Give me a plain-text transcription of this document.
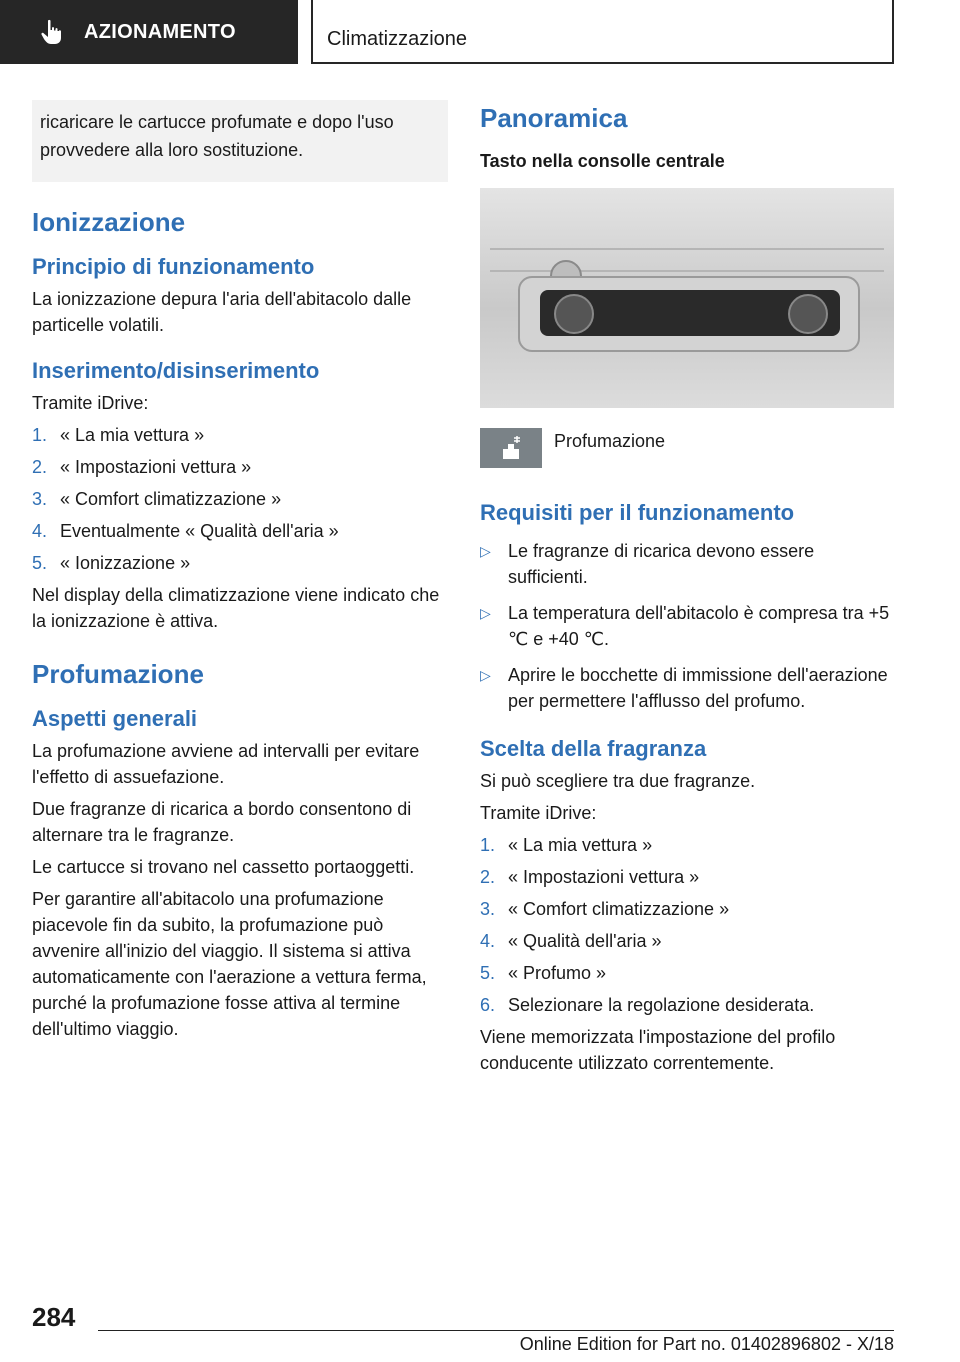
AZIONAMENTO	Climatizzazione
ricaricare le cartucce profumate e dopo l'uso provvedere alla loro sostituzione.
Ionizzazione
Principio di funzionamento

La ionizzazione depura l'aria dell'abitacolo dalle particelle volatili.

Inserimento/disinserimento

Tramite iDrive:

1. « La mia vettura »
2. « Impostazioni vettura »
3. « Comfort climatizzazione »
4. Eventualmente « Qualità dell'aria »
5. « Ionizzazione »

Nel display della climatizzazione viene indicato che la ionizzazione è attiva.

Profumazione
Aspetti generali

La profumazione avviene ad intervalli per evitare l'effetto di assuefazione.

Due fragranze di ricarica a bordo consentono di alternare tra le fragranze.

Le cartucce si trovano nel cassetto portaoggetti.

Per garantire all'abitacolo una profumazione piacevole fin da subito, la profumazione può avvenire all'inizio del viaggio. Il sistema si attiva automaticamente con l'aerazione a vettura ferma, purché la profumazione fosse attiva al termine dell'ultimo viaggio.

Panoramica
Tasto nella consolle centrale

Profumazione

Requisiti per il funzionamento
▷ Le fragranze di ricarica devono essere sufficienti.
▷ La temperatura dell'abitacolo è compresa tra +5 ℃ e +40 ℃.
▷ Aprire le bocchette di immissione dell'aerazione per permettere l'afflusso del profumo.
Scelta della fragranza

Si può scegliere tra due fragranze.

Tramite iDrive:

1. « La mia vettura »
2. « Impostazioni vettura »
3. « Comfort climatizzazione »
4. « Qualità dell'aria »
5. « Profumo »
6. Selezionare la regolazione desiderata.

Viene memorizzata l'impostazione del profilo conducente utilizzato correntemente.

284
Online Edition for Part no. 01402896802 - X/18
